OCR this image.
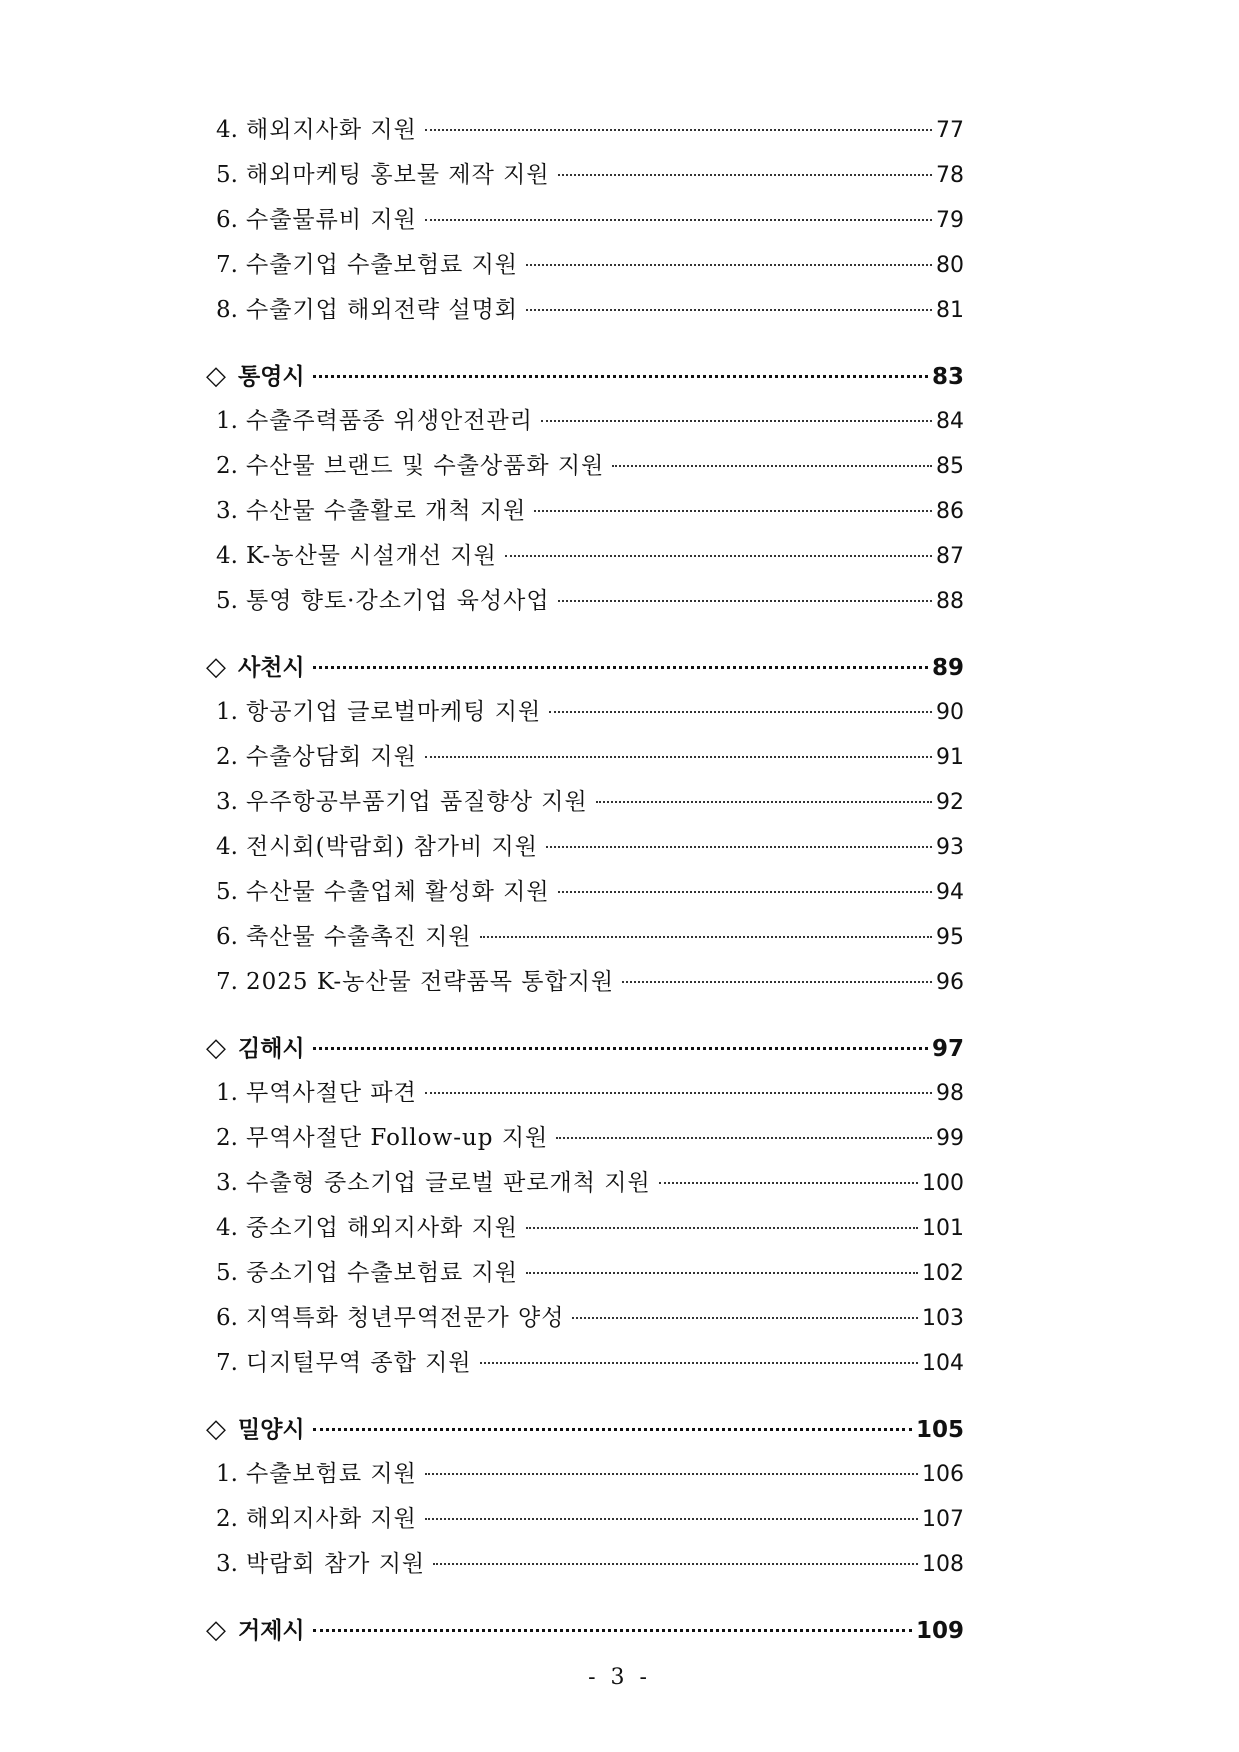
4. 해외지사화 지원	77
5. 해외마케팅 홍보물 제작 지원	78
6. 수출물류비 지원	79
7. 수출기업 수출보험료 지원	80
8. 수출기업 해외전략 설명회	81
◇ 통영시	83
1. 수출주력품종 위생안전관리	84
2. 수산물 브랜드 및 수출상품화 지원	85
3. 수산물 수출활로 개척 지원	86
4. K-농산물 시설개선 지원	87
5. 통영 향토·강소기업 육성사업	88
◇ 사천시	89
1. 항공기업 글로벌마케팅 지원	90
2. 수출상담회 지원	91
3. 우주항공부품기업 품질향상 지원	92
4. 전시회(박람회) 참가비 지원	93
5. 수산물 수출업체 활성화 지원	94
6. 축산물 수출촉진 지원	95
7. 2025 K-농산물 전략품목 통합지원	96
◇ 김해시	97
1. 무역사절단 파견	98
2. 무역사절단 Follow-up 지원	99
3. 수출형 중소기업 글로벌 판로개척 지원	100
4. 중소기업 해외지사화 지원	101
5. 중소기업 수출보험료 지원	102
6. 지역특화 청년무역전문가 양성	103
7. 디지털무역 종합 지원	104
◇ 밀양시	105
1. 수출보험료 지원	106
2. 해외지사화 지원	107
3. 박람회 참가 지원	108
◇ 거제시	109
- 3 -
